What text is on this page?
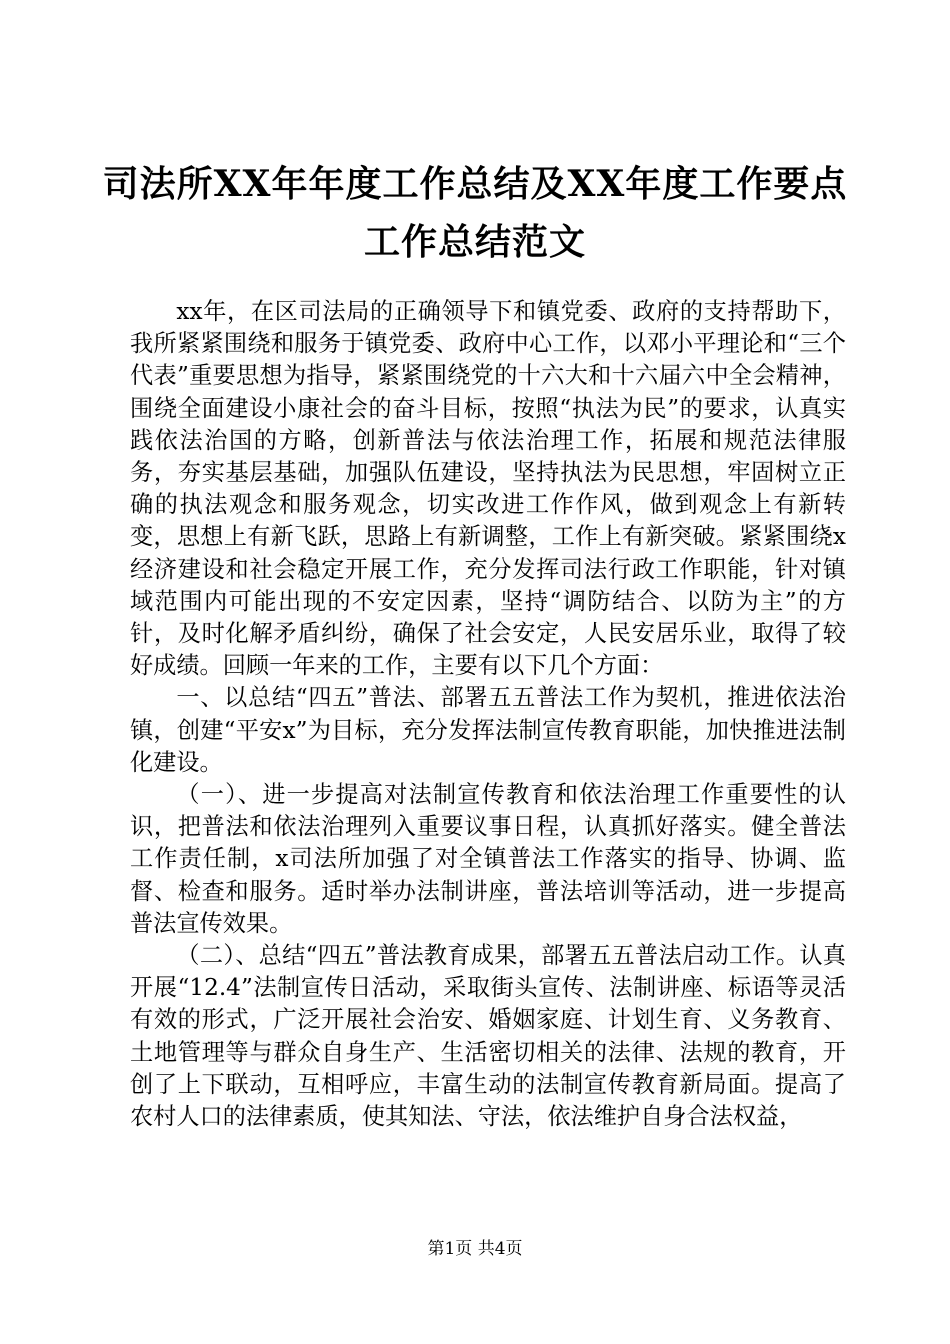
司法所XX年年度工作总结及XX年度工作要点
工作总结范文

xx年，在区司法局的正确领导下和镇党委、政府的支持帮助下，我所紧紧围绕和服务于镇党委、政府中心工作，以邓小平理论和“三个代表”重要思想为指导，紧紧围绕党的十六大和十六届六中全会精神，围绕全面建设小康社会的奋斗目标，按照“执法为民”的要求，认真实践依法治国的方略，创新普法与依法治理工作，拓展和规范法律服务，夯实基层基础，加强队伍建设，坚持执法为民思想，牢固树立正确的执法观念和服务观念，切实改进工作作风，做到观念上有新转变，思想上有新飞跃，思路上有新调整，工作上有新突破。紧紧围绕x经济建设和社会稳定开展工作，充分发挥司法行政工作职能，针对镇域范围内可能出现的不安定因素，坚持“调防结合、以防为主”的方针，及时化解矛盾纠纷，确保了社会安定，人民安居乐业，取得了较好成绩。回顾一年来的工作，主要有以下几个方面：

一、以总结“四五”普法、部署五五普法工作为契机，推进依法治镇，创建“平安x”为目标，充分发挥法制宣传教育职能，加快推进法制化建设。

（一）、进一步提高对法制宣传教育和依法治理工作重要性的认识，把普法和依法治理列入重要议事日程，认真抓好落实。健全普法工作责任制，x司法所加强了对全镇普法工作落实的指导、协调、监督、检查和服务。适时举办法制讲座，普法培训等活动，进一步提高普法宣传效果。

（二）、总结“四五”普法教育成果，部署五五普法启动工作。认真开展“12.4”法制宣传日活动，采取街头宣传、法制讲座、标语等灵活有效的形式，广泛开展社会治安、婚姻家庭、计划生育、义务教育、土地管理等与群众自身生产、生活密切相关的法律、法规的教育，开创了上下联动，互相呼应，丰富生动的法制宣传教育新局面。提高了农村人口的法律素质，使其知法、守法，依法维护自身合法权益，

第1页 共4页
